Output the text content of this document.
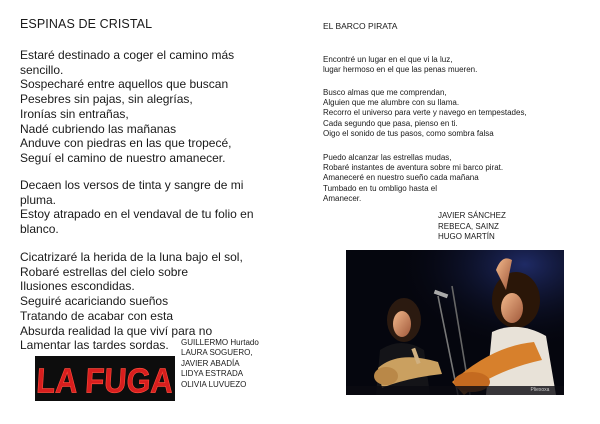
ESPINAS DE CRISTAL
Estaré destinado a coger el camino más
sencillo.
Sospecharé entre aquellos que buscan
Pesebres sin pajas, sin alegrías,
Ironías sin entrañas,
Nadé cubriendo las mañanas
Anduve con piedras en las que tropecé,
Seguí el camino de nuestro amanecer.
Decaen los versos de tinta y sangre de mi
pluma.
Estoy atrapado en el vendaval de tu folio en
blanco.
Cicatrizaré la herida de la luna bajo el sol,
Robaré estrellas del cielo sobre
Ilusiones escondidas.
Seguiré acariciando sueños
Tratando de acabar con esta
Absurda realidad la que viví para no
Lamentar las tardes sordas.	GUILLERMO Hurtado
LAURA SOGUERO,
JAVIER ABADÍA
LIDYA ESTRADA
OLIVIA LUVUEZO
LA FUGA
EL BARCO PIRATA
Encontré un lugar en el que vi la luz,
lugar hermoso en el que las penas mueren.
Busco almas que me comprendan,
Alguien que me alumbre con su llama.
Recorro el universo para verte y navego en tempestades,
Cada segundo que pasa, pienso en ti.
Oigo el sonido de tus pasos, como sombra falsa
Puedo alcanzar las estrellas mudas,
Robaré instantes de aventura sobre mi barco pirat.
Amaneceré en nuestro sueño cada mañana
Tumbado en tu ombligo hasta el
Amanecer.
JAVIER SÁNCHEZ
REBECA, SAINZ
HUGO MARTÍN
Pliexoxa
